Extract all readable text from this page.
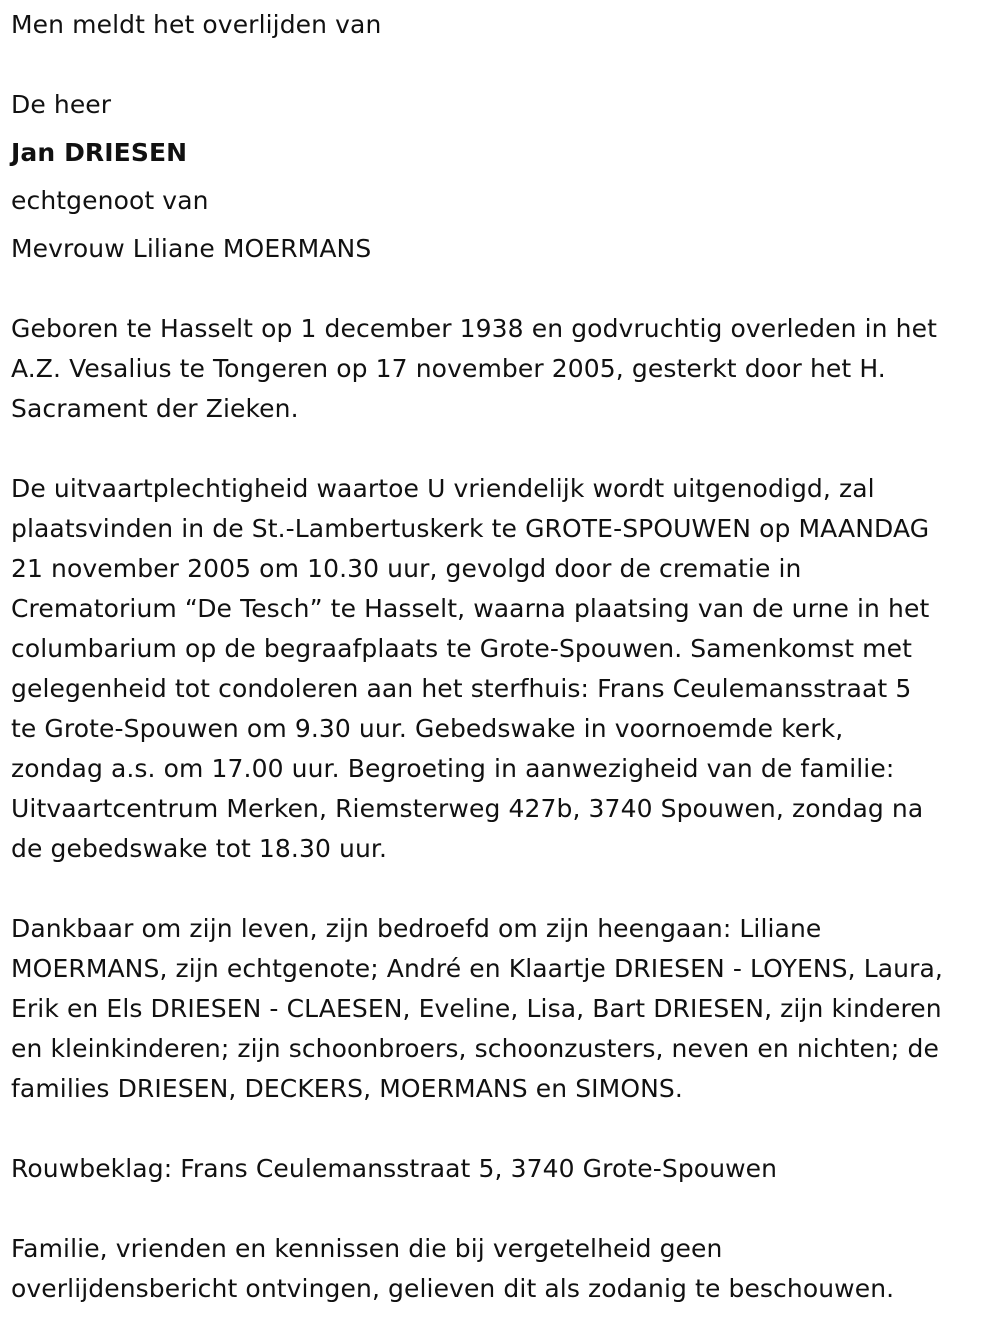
Men meldt het overlijden van
De heer
Jan DRIESEN
echtgenoot van
Mevrouw Liliane MOERMANS
Geboren te Hasselt op 1 december 1938 en godvruchtig overleden in het
A.Z. Vesalius te Tongeren op 17 november 2005, gesterkt door het H.
Sacrament der Zieken.
De uitvaartplechtigheid waartoe U vriendelijk wordt uitgenodigd, zal
plaatsvinden in de St.-Lambertuskerk te GROTE-SPOUWEN op MAANDAG
21 november 2005 om 10.30 uur, gevolgd door de crematie in
Crematorium “De Tesch” te Hasselt, waarna plaatsing van de urne in het
columbarium op de begraafplaats te Grote-Spouwen. Samenkomst met
gelegenheid tot condoleren aan het sterfhuis: Frans Ceulemansstraat 5
te Grote-Spouwen om 9.30 uur. Gebedswake in voornoemde kerk,
zondag a.s. om 17.00 uur. Begroeting in aanwezigheid van de familie:
Uitvaartcentrum Merken, Riemsterweg 427b, 3740 Spouwen, zondag na
de gebedswake tot 18.30 uur.
Dankbaar om zijn leven, zijn bedroefd om zijn heengaan: Liliane
MOERMANS, zijn echtgenote; André en Klaartje DRIESEN - LOYENS, Laura,
Erik en Els DRIESEN - CLAESEN, Eveline, Lisa, Bart DRIESEN, zijn kinderen
en kleinkinderen; zijn schoonbroers, schoonzusters, neven en nichten; de
families DRIESEN, DECKERS, MOERMANS en SIMONS.
Rouwbeklag: Frans Ceulemansstraat 5, 3740 Grote-Spouwen
Familie, vrienden en kennissen die bij vergetelheid geen
overlijdensbericht ontvingen, gelieven dit als zodanig te beschouwen.
